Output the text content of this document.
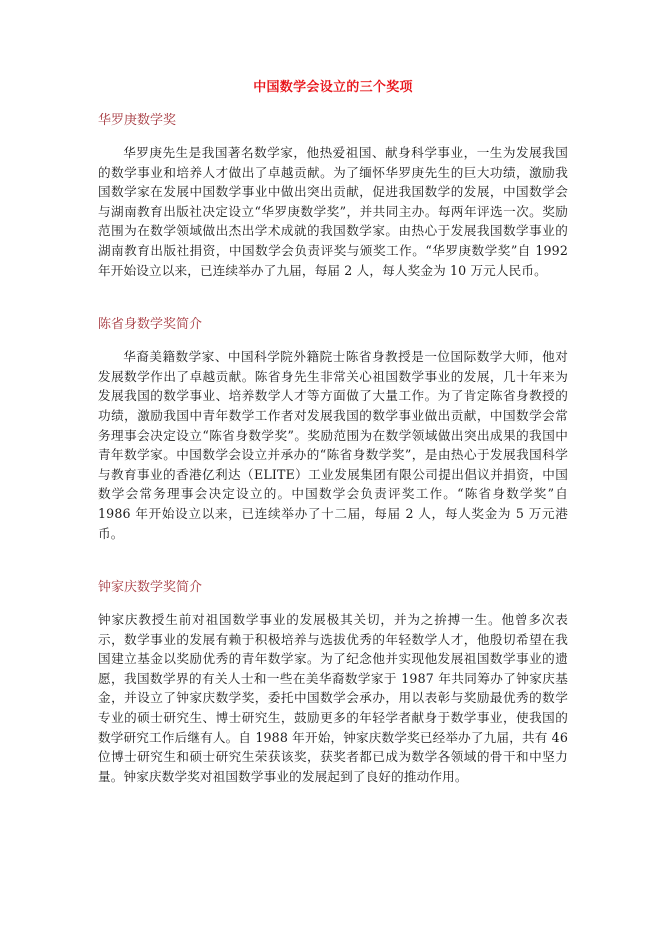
中国数学会设立的三个奖项
华罗庚数学奖

华罗庚先生是我国著名数学家，他热爱祖国、献身科学事业，一生为发展我国的数学事业和培养人才做出了卓越贡献。为了缅怀华罗庚先生的巨大功绩，激励我国数学家在发展中国数学事业中做出突出贡献，促进我国数学的发展，中国数学会与湖南教育出版社决定设立“华罗庚数学奖”，并共同主办。每两年评选一次。奖励范围为在数学领域做出杰出学术成就的我国数学家。由热心于发展我国数学事业的湖南教育出版社捐资，中国数学会负责评奖与颁奖工作。“华罗庚数学奖”自 1992 年开始设立以来，已连续举办了九届，每届 2 人，每人奖金为 10 万元人民币。

陈省身数学奖简介

华裔美籍数学家、中国科学院外籍院士陈省身教授是一位国际数学大师，他对发展数学作出了卓越贡献。陈省身先生非常关心祖国数学事业的发展，几十年来为发展我国的数学事业、培养数学人才等方面做了大量工作。为了肯定陈省身教授的功绩，激励我国中青年数学工作者对发展我国的数学事业做出贡献，中国数学会常务理事会决定设立“陈省身数学奖”。奖励范围为在数学领域做出突出成果的我国中青年数学家。中国数学会设立并承办的“陈省身数学奖”，是由热心于发展我国科学与教育事业的香港亿利达（ELITE）工业发展集团有限公司提出倡议并捐资，中国数学会常务理事会决定设立的。中国数学会负责评奖工作。“陈省身数学奖”自 1986 年开始设立以来，已连续举办了十二届，每届 2 人，每人奖金为 5 万元港币。

钟家庆数学奖简介

钟家庆教授生前对祖国数学事业的发展极其关切，并为之拚搏一生。他曾多次表示，数学事业的发展有赖于积极培养与选拔优秀的年轻数学人才，他殷切希望在我国建立基金以奖励优秀的青年数学家。为了纪念他并实现他发展祖国数学事业的遗愿，我国数学界的有关人士和一些在美华裔数学家于 1987 年共同筹办了钟家庆基金，并设立了钟家庆数学奖，委托中国数学会承办，用以表彰与奖励最优秀的数学专业的硕士研究生、博士研究生，鼓励更多的年轻学者献身于数学事业，使我国的数学研究工作后继有人。自 1988 年开始，钟家庆数学奖已经举办了九届，共有 46 位博士研究生和硕士研究生荣获该奖，获奖者都已成为数学各领域的骨干和中坚力量。钟家庆数学奖对祖国数学事业的发展起到了良好的推动作用。
